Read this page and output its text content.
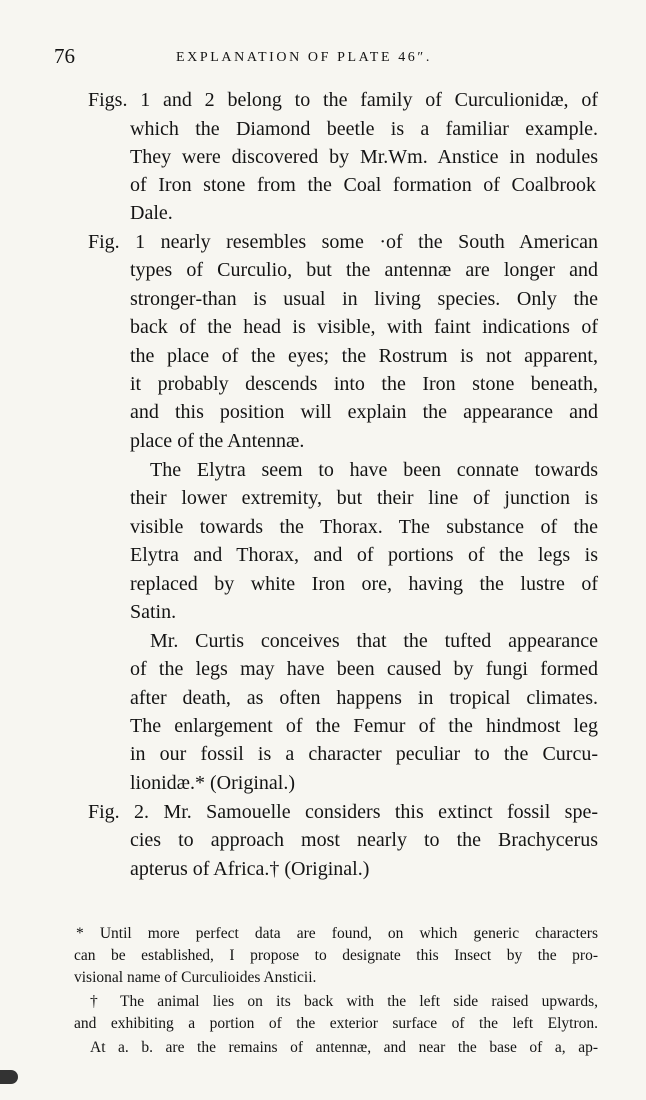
76	EXPLANATION OF PLATE 46″.
Figs. 1 and 2 belong to the family of Curculionidæ, of
which the Diamond beetle is a familiar example.
They were discovered by Mr.Wm. Anstice in nodules
of Iron stone from the Coal formation of Coalbrook
Dale.
Fig. 1 nearly resembles some ·of the South American
types of Curculio, but the antennæ are longer and
stronger‐than is usual in living species. Only the
back of the head is visible, with faint indications of
the place of the eyes; the Rostrum is not apparent,
it probably descends into the Iron stone beneath,
and this position will explain the appearance and
place of the Antennæ.
The Elytra seem to have been connate towards
their lower extremity, but their line of junction is
visible towards the Thorax. The substance of the
Elytra and Thorax, and of portions of the legs is
replaced by white Iron ore, having the lustre of
Satin.
Mr. Curtis conceives that the tufted appearance
of the legs may have been caused by fungi formed
after death, as often happens in tropical climates.
The enlargement of the Femur of the hindmost leg
in our fossil is a character peculiar to the Curcu-
lionidæ.* (Original.)
Fig. 2. Mr. Samouelle considers this extinct fossil spe-
cies to approach most nearly to the Brachycerus
apterus of Africa.† (Original.)
* Until more perfect data are found, on which generic characters
can be established, I propose to designate this Insect by the pro-
visional name of Curculioides Ansticii.
† The animal lies on its back with the left side raised upwards,
and exhibiting a portion of the exterior surface of the left Elytron.
At a. b. are the remains of antennæ, and near the base of a, ap-
